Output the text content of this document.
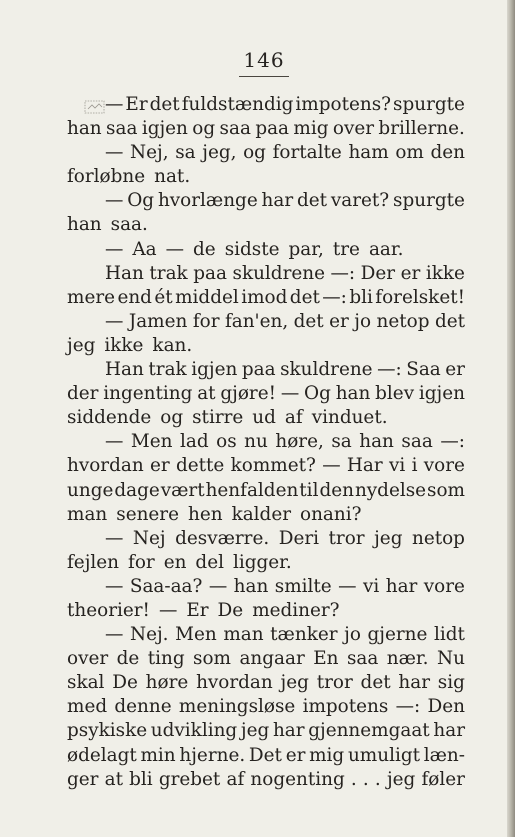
146
— Er det fuldstændig impotens? spurgte
han saa igjen og saa paa mig over brillerne.
— Nej, sa jeg, og fortalte ham om den
forløbne nat.
— Og hvorlænge har det varet? spurgte
han saa.
— Aa — de sidste par, tre aar.
Han trak paa skuldrene —: Der er ikke
mere end ét middel imod det —: bli forelsket!
— Jamen for fan'en, det er jo netop det
jeg ikke kan.
Han trak igjen paa skuldrene —: Saa er
der ingenting at gjøre! — Og han blev igjen
siddende og stirre ud af vinduet.
— Men lad os nu høre, sa han saa —:
hvordan er dette kommet? — Har vi i vore
unge dage vært henfalden til den nydelse som
man senere hen kalder onani?
— Nej desværre. Deri tror jeg netop
fejlen for en del ligger.
— Saa-aa? — han smilte — vi har vore
theorier! — Er De mediner?
— Nej. Men man tænker jo gjerne lidt
over de ting som angaar En saa nær. Nu
skal De høre hvordan jeg tror det har sig
med denne meningsløse impotens —: Den
psykiske udvikling jeg har gjennemgaat har
ødelagt min hjerne. Det er mig umuligt læn-
ger at bli grebet af nogenting . . . jeg føler
